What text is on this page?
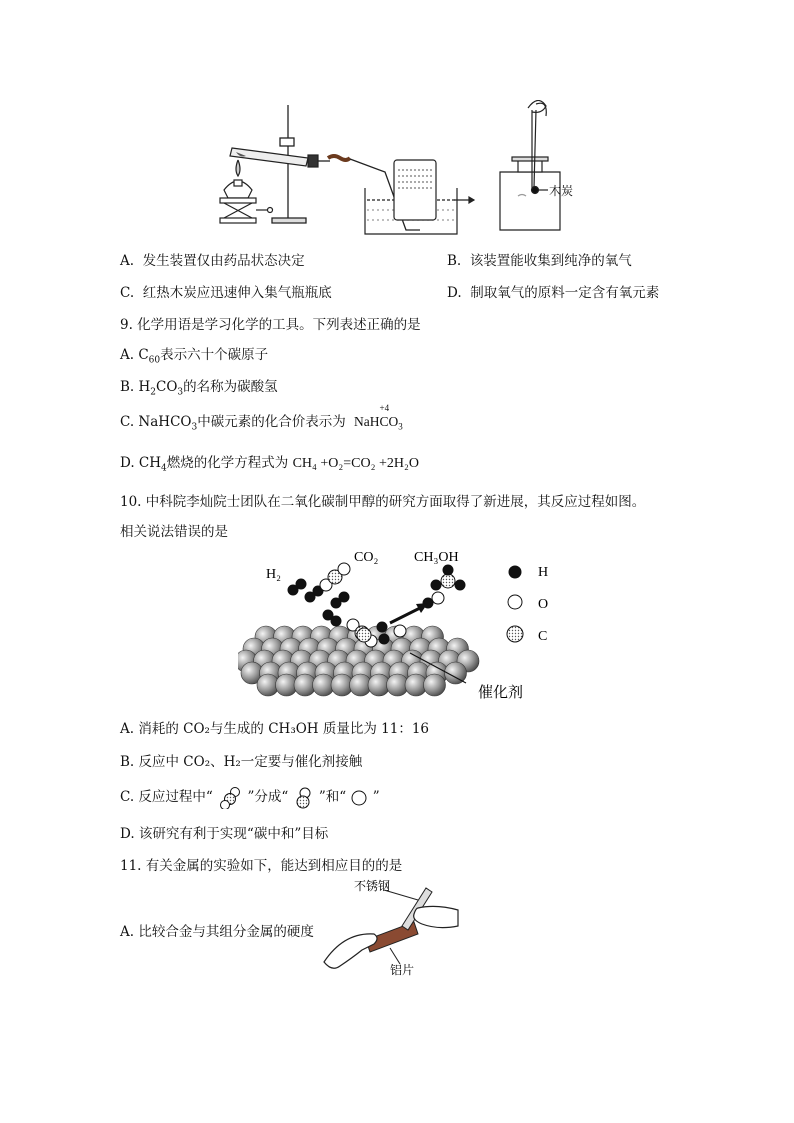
木炭
A. 发生装置仅由药品状态决定	B. 该装置能收集到纯净的氧气
C. 红热木炭应迅速伸入集气瓶瓶底	D. 制取氧气的原料一定含有氧元素
9. 化学用语是学习化学的工具。下列表述正确的是
A. $C_{60}$表示六十个碳原子
B. $H_2CO_3$的名称为碳酸氢
C. NaHCO$_3$中碳元素的化合价表示为 NaH
+4
$CO_3$
D. $CH_4$燃烧的化学方程式为 CH₄ +O₂=CO₂ +2H₂O
10. 中科院李灿院士团队在二氧化碳制甲醇的研究方面取得了新进展，其反应过程如图。
相关说法错误的是
H
O
C
H₂
CO₂	CH₃OH
催化剂
A. 消耗的 CO₂与生成的 CH₃OH 质量比为 11：16
B. 反应中 CO₂、H₂一定要与催化剂接触
C. 反应过程中“	”分成“ ”和“ ”
D. 该研究有利于实现“碳中和”目标
11. 有关金属的实验如下，能达到相应目的的是
A. 比较合金与其组分金属的硬度
不锈钢
铝片
